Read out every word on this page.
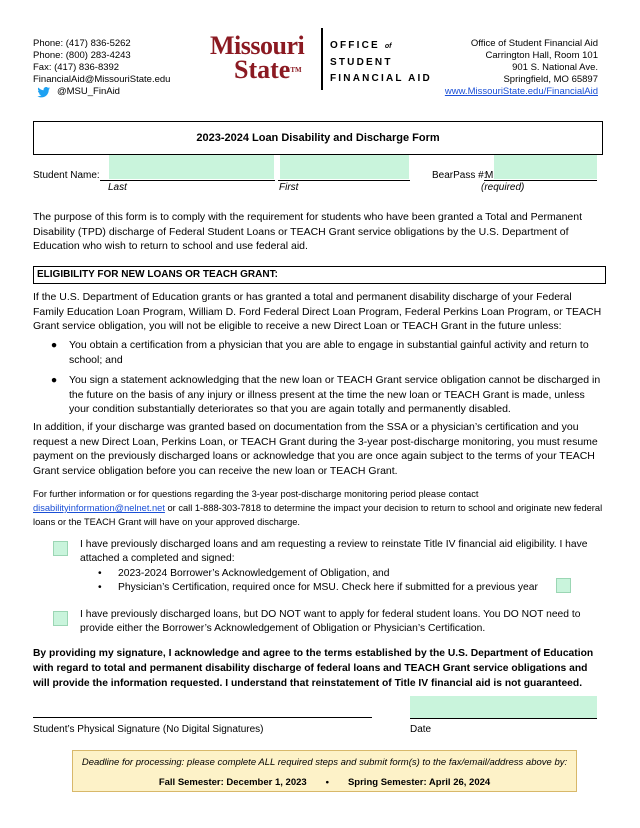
Phone: (417) 836-5262
Phone: (800) 283-4243
Fax: (417) 836-8392
FinancialAid@MissouriState.edu
@MSU_FinAid
Missouri
State™
OFFICE of
STUDENT
FINANCIAL AID
Office of Student Financial Aid
Carrington Hall, Room 101
901 S. National Ave.
Springfield, MO 65897
www.MissouriState.edu/FinancialAid
2023-2024 Loan Disability and Discharge Form
Student Name:
Last	First
BearPass #:
M
(required)
The purpose of this form is to comply with the requirement for students who have been granted a Total and Permanent Disability (TPD) discharge of Federal Student Loans or TEACH Grant service obligations by the U.S. Department of Education who wish to return to school and use federal aid.
ELIGIBILITY FOR NEW LOANS OR TEACH GRANT:
If the U.S. Department of Education grants or has granted a total and permanent disability discharge of your Federal Family Education Loan Program, William D. Ford Federal Direct Loan Program, Federal Perkins Loan Program, or TEACH Grant service obligation, you will not be eligible to receive a new Direct Loan or TEACH Grant in the future unless:
●	You obtain a certification from a physician that you are able to engage in substantial gainful activity and return to school; and
●	You sign a statement acknowledging that the new loan or TEACH Grant service obligation cannot be discharged in the future on the basis of any injury or illness present at the time the new loan or TEACH Grant is made, unless your condition substantially deteriorates so that you are again totally and permanently disabled.
In addition, if your discharge was granted based on documentation from the SSA or a physician’s certification and you request a new Direct Loan, Perkins Loan, or TEACH Grant during the 3-year post-discharge monitoring, you must resume payment on the previously discharged loans or acknowledge that you are once again subject to the terms of your TEACH Grant service obligation before you can receive the new loan or TEACH Grant.
For further information or for questions regarding the 3-year post-discharge monitoring period please contact disabilityinformation@nelnet.net or call 1-888-303-7818 to determine the impact your decision to return to school and originate new federal loans or the TEACH Grant will have on your approved discharge.
I have previously discharged loans and am requesting a review to reinstate Title IV financial aid eligibility. I have attached a completed and signed:
•	2023-2024 Borrower’s Acknowledgement of Obligation, and
•	Physician’s Certification, required once for MSU. Check here if submitted for a previous year
I have previously discharged loans, but DO NOT want to apply for federal student loans. You DO NOT need to provide either the Borrower’s Acknowledgement of Obligation or Physician’s Certification.
By providing my signature, I acknowledge and agree to the terms established by the U.S. Department of Education with regard to total and permanent disability discharge of federal loans and TEACH Grant service obligations and will provide the information requested. I understand that reinstatement of Title IV financial aid is not guaranteed.
Student’s Physical Signature (No Digital Signatures)	Date
Deadline for processing: please complete ALL required steps and submit form(s) to the fax/email/address above by:
Fall Semester: December 1, 2023 • Spring Semester: April 26, 2024
